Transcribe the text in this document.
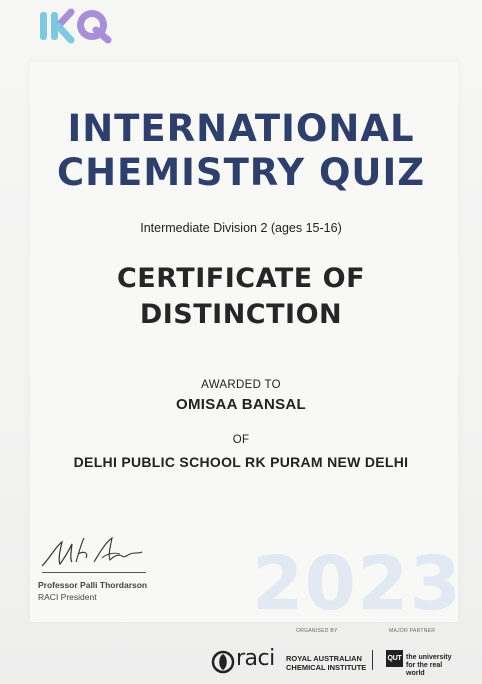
INTERNATIONAL
CHEMISTRY QUIZ
Intermediate Division 2 (ages 15-16)
CERTIFICATE OF
DISTINCTION
AWARDED TO
OMISAA BANSAL
OF
DELHI PUBLIC SCHOOL RK PURAM NEW DELHI
Professor Palli Thordarson
RACI President 2023
ORGANISED BY	MAJOR PARTNER
raci ROYAL AUSTRALIAN CHEMICAL INSTITUTE
QUT the university for the real world
